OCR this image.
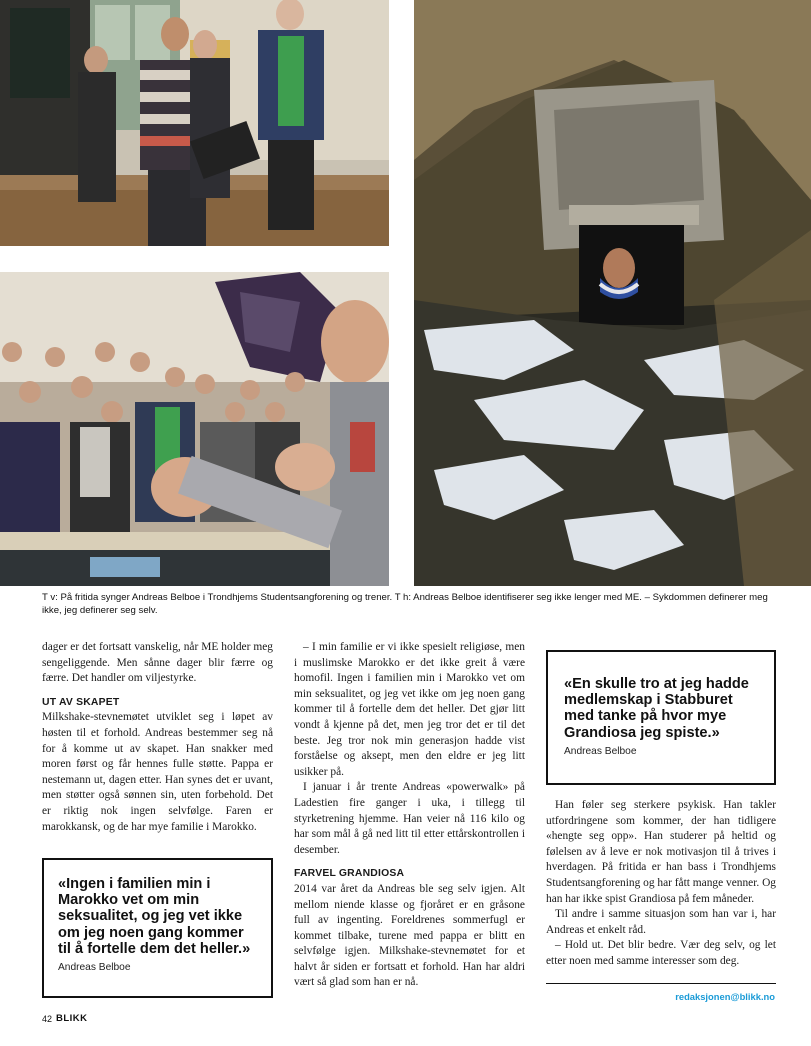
T v: På fritida synger Andreas Belboe i Trondhjems Studentsangforening og trener. T h: Andreas Belboe identifiserer seg ikke lenger med ME. – Sykdommen definerer meg ikke, jeg definerer seg selv.

dager er det fortsatt vanskelig, når ME holder meg sengeliggende. Men sånne dager blir færre og færre. Det handler om viljestyrke.

UT AV SKAPET

Milkshake-stevnemøtet utviklet seg i løpet av høsten til et forhold. Andreas bestemmer seg nå for å komme ut av skapet. Han snakker med moren først og får hennes fulle støtte. Pappa er nestemann ut, dagen etter. Han synes det er uvant, men støtter også sønnen sin, uten forbehold. Det er riktig nok ingen selvfølge. Faren er marokkansk, og de har mye familie i Marokko.

«Ingen i familien min i Marokko vet om min seksualitet, og jeg vet ikke om jeg noen gang kommer til å fortelle dem det heller.»
Andreas Belboe

– I min familie er vi ikke spesielt religiøse, men i muslimske Marokko er det ikke greit å være homofil. Ingen i familien min i Marokko vet om min seksualitet, og jeg vet ikke om jeg noen gang kommer til å fortelle dem det heller. Det gjør litt vondt å kjenne på det, men jeg tror det er til det beste. Jeg tror nok min generasjon hadde vist forståelse og aksept, men den eldre er jeg litt usikker på.

I januar i år trente Andreas «powerwalk» på Ladestien fire ganger i uka, i tillegg til styrketrening hjemme. Han veier nå 116 kilo og har som mål å gå ned litt til etter ettårskontrollen i desember.

FARVEL GRANDIOSA

2014 var året da Andreas ble seg selv igjen. Alt mellom niende klasse og fjoråret er en gråsone full av ingenting. Foreldrenes sommerfugl er kommet tilbake, turene med pappa er blitt en selvfølge igjen. Milkshake-stevnemøtet for et halvt år siden er fortsatt et forhold. Han har aldri vært så glad som han er nå.

«En skulle tro at jeg hadde medlemskap i Stabburet med tanke på hvor mye Grandiosa jeg spiste.»
Andreas Belboe

Han føler seg sterkere psykisk. Han takler utfordringene som kommer, der han tidligere «hengte seg opp». Han studerer på heltid og følelsen av å leve er nok motivasjon til å trives i hverdagen. På fritida er han bass i Trondhjems Studentsangforening og har fått mange venner. Og han har ikke spist Grandiosa på fem måneder.

Til andre i samme situasjon som han var i, har Andreas et enkelt råd.

– Hold ut. Det blir bedre. Vær deg selv, og let etter noen med samme interesser som deg.

redaksjonen@blikk.no
42 BLIKK
